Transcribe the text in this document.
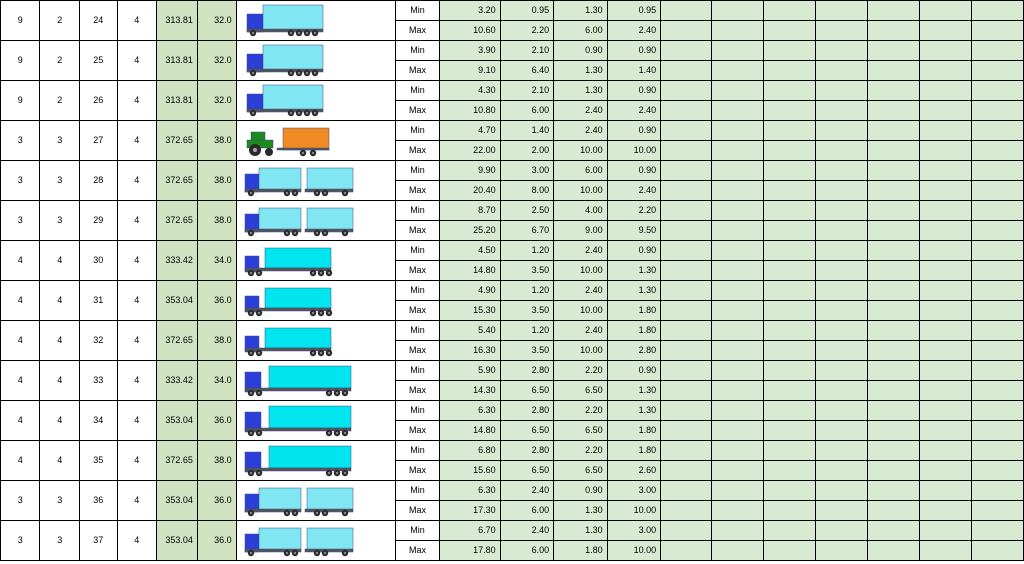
9	2	24	4	313.81	32.0		Min	3.20	0.95	1.30	0.95							
							Max	10.60	2.20	6.00	2.40							
9	2	25	4	313.81	32.0		Min	3.90	2.10	0.90	0.90							
							Max	9.10	6.40	1.30	1.40							
9	2	26	4	313.81	32.0		Min	4.30	2.10	1.30	0.90							
							Max	10.80	6.00	2.40	2.40							
3	3	27	4	372.65	38.0		Min	4.70	1.40	2.40	0.90							
							Max	22.00	2.00	10.00	10.00							
3	3	28	4	372.65	38.0		Min	9.90	3.00	6.00	0.90							
							Max	20.40	8.00	10.00	2.40							
3	3	29	4	372.65	38.0		Min	8.70	2.50	4.00	2.20							
							Max	25.20	6.70	9.00	9.50							
4	4	30	4	333.42	34.0		Min	4.50	1.20	2.40	0.90							
							Max	14.80	3.50	10.00	1.30							
4	4	31	4	353.04	36.0		Min	4.90	1.20	2.40	1.30							
							Max	15.30	3.50	10.00	1.80							
4	4	32	4	372.65	38.0		Min	5.40	1.20	2.40	1.80							
							Max	16.30	3.50	10.00	2.80							
4	4	33	4	333.42	34.0		Min	5.90	2.80	2.20	0.90							
							Max	14.30	6.50	6.50	1.30							
4	4	34	4	353.04	36.0		Min	6.30	2.80	2.20	1.30							
							Max	14.80	6.50	6.50	1.80							
4	4	35	4	372.65	38.0		Min	6.80	2.80	2.20	1.80							
							Max	15.60	6.50	6.50	2.60							
3	3	36	4	353.04	36.0		Min	6.30	2.40	0.90	3.00							
							Max	17.30	6.00	1.30	10.00							
3	3	37	4	353.04	36.0		Min	6.70	2.40	1.30	3.00							
							Max	17.80	6.00	1.80	10.00							
